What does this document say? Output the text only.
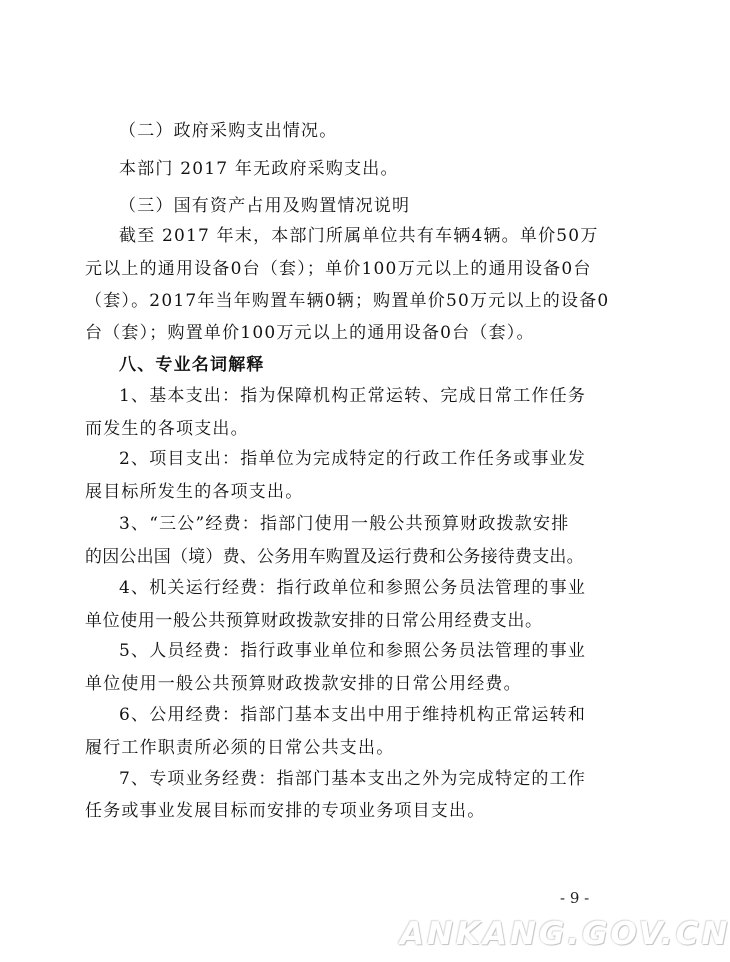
（二）政府采购支出情况。
本部门 2017 年无政府采购支出。
（三）国有资产占用及购置情况说明
截至 2017 年末，本部门所属单位共有车辆4辆。单价50万
元以上的通用设备0台（套）；单价100万元以上的通用设备0台
（套）。2017年当年购置车辆0辆；购置单价50万元以上的设备0
台（套）；购置单价100万元以上的通用设备0台（套）。
八、专业名词解释
1、基本支出：指为保障机构正常运转、完成日常工作任务
而发生的各项支出。
2、项目支出：指单位为完成特定的行政工作任务或事业发
展目标所发生的各项支出。
3、“三公”经费：指部门使用一般公共预算财政拨款安排
的因公出国（境）费、公务用车购置及运行费和公务接待费支出。
4、机关运行经费：指行政单位和参照公务员法管理的事业
单位使用一般公共预算财政拨款安排的日常公用经费支出。
5、人员经费：指行政事业单位和参照公务员法管理的事业
单位使用一般公共预算财政拨款安排的日常公用经费。
6、公用经费：指部门基本支出中用于维持机构正常运转和
履行工作职责所必须的日常公共支出。
7、专项业务经费：指部门基本支出之外为完成特定的工作
任务或事业发展目标而安排的专项业务项目支出。
- 9 -
ANKANG.GOV.CN
